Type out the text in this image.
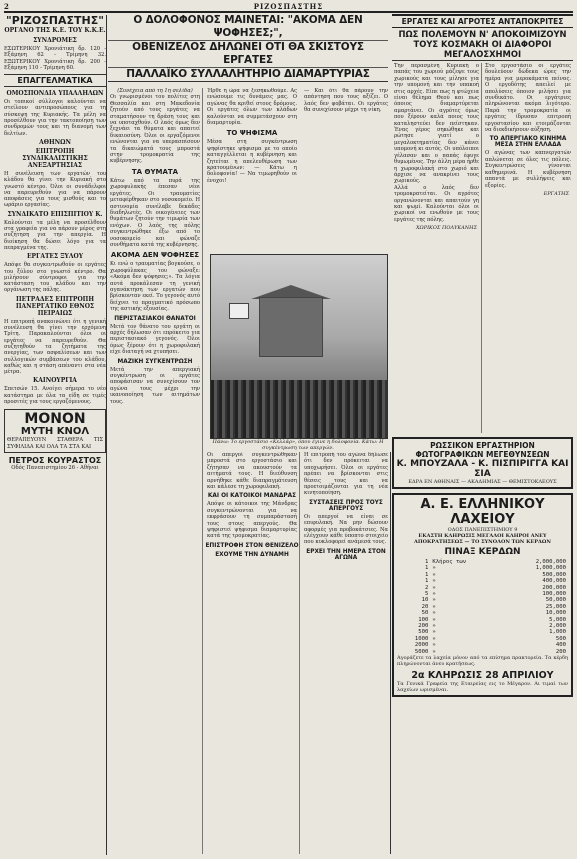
2	ΡΙΖΟΣΠΑΣΤΗΣ
"ΡΙΖΟΣΠΑΣΤΗΣ"
ΟΡΓΑΝΟ ΤΗΣ Κ.Ε. ΤΟΥ Κ.Κ.Ε.
ΣΥΝΔΡΟΜΕΣ
ΕΣΩΤΕΡΙΚΟΥ Χρονιάτικη δρ. 120 - Εξάμηνη 62 - Τρίμηνη 32. ΕΞΩΤΕΡΙΚΟΥ Χρονιάτικη δρ. 200 - Εξάμηνη 110 - Τρίμηνη 60.
ΕΠΑΓΓΕΛΜΑΤΙΚΑ
ΟΜΟΣΠΟΝΔΙΑ ΥΠΑΛΛΗΛΩΝ
Οι τοπικοί σύλλογοι καλούνται να στείλουν αντιπροσώπους για τη σύσκεψη της Κυριακής. Τα μέλη να προσέλθουν για την τακτοποίηση των συνδρομών τους και τη διανομή των δελτίων.
ΑΘΗΝΩΝ
ΕΠΙΤΡΟΠΗ ΣΥΝΔΙΚΑΛΙΣΤΙΚΗΣ ΑΝΕΞΑΡΤΗΣΙΑΣ
Η συνέλευση των εργατών του κλάδου θα γίνει την Κυριακή στο γνωστό κέντρο. Όλοι οι συνάδελφοι να παρευρεθούν για να πάρουν αποφάσεις για τους μισθούς και το ωράριο εργασίας.
ΣΥΝΔΙΚΑΤΟ ΕΠΙΣΠΙΤΙΟΥ Κ.
Καλούνται τα μέλη να προσέλθουν στα γραφεία για να πάρουν μέρος στη συζήτηση για την απεργία. Η διοίκηση θα δώσει λόγο για τα πεπραγμένα της.
ΕΡΓΑΤΕΣ ΞΥΛΟΥ
Απόψε θα συγκεντρωθούν οι εργάτες του ξύλου στο γνωστό κέντρο. Θα μιλήσουν σύντροφοι για την κατάσταση του κλάδου και την οργάνωση της πάλης.
ΠΕΤΡΑΔΕΣ ΕΠΙΤΡΟΠΗ ΠΑΝΕΡΓΑΤΙΚΟ ΕΘΝΟΣ ΠΕΙΡΑΙΩΣ
Η επιτροπή ανακοινώνει ότι η γενική συνέλευση θα γίνει την ερχόμενη Τρίτη. Παρακαλούνται όλοι οι εργάτες να παρευρεθούν. Θα συζητηθούν τα ζητήματα της ανεργίας, των ασφαλίσεων και των συλλογικών συμβάσεων του κλάδου, καθώς και η στάση απέναντι στα νέα μέτρα.
ΚΑΙΝΟΥΡΓΙΑ
Σπετσών 15. Ανοίγει σήμερα το νέο κατάστημα με όλα τα είδη σε τιμές προσιτές για τους εργαζόμενους.
ΜΟΝΟΝ
ΜΥΤΗ ΚΝΟΛ
ΘΕΡΑΠΕΥΟΥΝ ΣΤΑΘΕΡΑ ΤΙΣ ΣΥΦΙΛΙΔΑ ΚΑΙ ΟΛΑ ΤΑ ΣΤΑ ΚΑΙ
ΠΕΤΡΟΣ ΚΟΥΡΑΣΤΟΣ
Οδός Πανεπιστημίου 26 - Αθήναι
Ο ΔΟΛΟΦΟΝΟΣ ΜΑΙΝΕΤΑΙ: "ΑΚΟΜΑ ΔΕΝ ΨΟΦΗΣΕΣ;",
ΟΒΕΝΙΖΕΛΟΣ ΔΗΛΩΝΕΙ ΟΤΙ ΘΑ ΣΚΙΣΤΟΥΣ ΕΡΓΑΤΕΣ
ΠΑΛΛΑΪΚΟ ΣΥΛΛΑΛΗΤΗΡΙΟ ΔΙΑΜΑΡΤΥΡΙΑΣ
(Συνέχεια από τη 1η σελίδα)
Οι γνωρισμένοι του πολίτες στη Θεσσαλία και στη Μακεδονία ζητούν από τους εργάτες να σταματήσουν τη δράση τους και να υποταχθούν. Ο λαός όμως δεν ξεχνάει τα θύματα και απαιτεί δικαιοσύνη. Όλοι οι εργαζόμενοι ενώνονται για να υπερασπίσουν τα δικαιώματά τους μπροστά στην τρομοκρατία της κυβέρνησης.
ΤΑ ΘΥΜΑΤΑ
Κάτω από τα πυρά της χωροφυλακής έπεσαν νέοι εργάτες. Οι τραυματίες μεταφέρθηκαν στο νοσοκομείο. Η αστυνομία συνέλαβε δεκάδες διαδηλωτές. Οι οικογένειες των θυμάτων ζητούν την τιμωρία των ενόχων. Ο λαός της πόλης συγκεντρώθηκε έξω από το νοσοκομείο και φώναζε συνθήματα κατά της κυβέρνησης.
ΑΚΟΜΑ ΔΕΝ ΨΟΦΗΣΕΣ
Κι ενώ ο τραυματίας βογκούσε, ο χωροφύλακας του φώναξε: «Ακόμα δεν ψόφησες;». Τα λόγια αυτά προκάλεσαν τη γενική αγανάκτηση των εργατών που βρίσκονταν εκεί. Το γεγονός αυτό δείχνει το πραγματικό πρόσωπο της αστικής εξουσίας.
ΠΕΡΙΣΤΑΣΙΑΚΟΙ ΘΑΝΑΤΟΙ
Μετά τον θάνατο του εργάτη οι αρχές δήλωσαν ότι επρόκειτο για περιστασιακό γεγονός. Όλοι όμως ξέρουν ότι η χωροφυλακή είχε διαταγή να χτυπήσει.
ΜΑΖΙΚΗ ΣΥΓΚΕΝΤΡΩΣΗ
Μετά την απεργιακή συγκέντρωση οι εργάτες αποφάσισαν να συνεχίσουν τον αγώνα τους μέχρι την ικανοποίηση των αιτημάτων τους.
Ήρθε η ώρα να ξεσηκωθούμε. Ας ενώσουμε τις δυνάμεις μας. Ο αγώνας θα κριθεί στους δρόμους. Οι εργάτες όλων των κλάδων καλούνται να συμμετάσχουν στη διαμαρτυρία.
ΤΟ ΨΗΦΙΣΜΑ
Μέσα στη συγκέντρωση ψηφίστηκε ψήφισμα με το οποίο καταγγέλλεται η κυβέρνηση και ζητείται η απελευθέρωση των κρατουμένων: — Κάτω η δολοφονία! — Να τιμωρηθούν οι ένοχοι!
— Και ότι θα πάρουν την απάντηση που τους αξίζει. Ο λαός δεν φοβάται. Οι εργάτες θα συνεχίσουν μέχρι τη νίκη.
Πάνω: Το εργοστάσιο «Κελλάρ», όπου έγινε η δολοφονία. Κάτω: Η συγκέντρωση των απεργών.
Οι απεργοί συγκεντρώθηκαν μπροστά στο εργοστάσιο και ζήτησαν να ακουστούν τα αιτήματά τους. Η διεύθυνση αρνήθηκε κάθε διαπραγμάτευση και κάλεσε τη χωροφυλακή.
ΚΑΙ ΟΙ ΚΑΤΟΙΚΟΙ ΜΑΝΔΡΑΣ
Απόψε οι κάτοικοι της Μάνδρας συγκεντρώνονται για να εκφράσουν τη συμπαράστασή τους στους απεργούς. Θα ψηφιστεί ψήφισμα διαμαρτυρίας κατά της τρομοκρατίας.
ΕΠΙΣΤΡΟΦΗ ΣΤΟΝ ΘΕΝΙΖΕΛΟ
ΕΧΟΥΜΕ ΤΗΝ ΔΥΝΑΜΗ
Η επιτροπή του αγώνα δήλωσε ότι δεν πρόκειται να υποχωρήσει. Όλοι οι εργάτες πρέπει να βρίσκονται στις θέσεις τους και να προετοιμάζονται για τη νέα κινητοποίηση.
ΣΥΣΤΑΣΕΙΣ ΠΡΟΣ ΤΟΥΣ ΑΠΕΡΓΟΥΣ
Οι απεργοί να είναι σε επιφυλακή. Να μην δώσουν αφορμές για προβοκάτσιες. Να ελέγχουν κάθε ύποπτο στοιχείο που κυκλοφορεί ανάμεσά τους.
ΕΡΧΕΙ ΤΗΝ ΗΜΕΡΑ ΣΤΟΝ ΑΓΩΝΑ
ΕΡΓΑΤΕΣ ΚΑΙ ΑΓΡΟΤΕΣ ΑΝΤΑΠΟΚΡΙΤΕΣ
ΠΩΣ ΠΟΛΕΜΟΥΝ Ν' ΑΠΟΚΟΙΜΙΖΟΥΝ ΤΟΥΣ ΚΟΣΜΑΚΗ ΟΙ ΔΙΑΦΟΡΟΙ ΜΕΓΑΛΟΣΧΗΜΟΙ
Την περασμένη Κυριακή ο παπάς του χωριού μάζεψε τους χωρικούς και τους μίλησε για την υπομονή και την υπακοή στις αρχές. Είπε πως η φτώχεια είναι θέλημα Θεού και πως όποιος διαμαρτύρεται αμαρτάνει. Οι αγρότες όμως που ξέρουν καλά ποιος τους καταληστεύει δεν πείστηκαν. Ένας γέρος σηκώθηκε και ρώτησε γιατί ο μεγαλοκτηματίας δεν κάνει υπομονή κι αυτός. Οι υπόλοιποι γέλασαν και ο παπάς έφυγε θυμωμένος. Την άλλη μέρα ήρθε η χωροφυλακή στο χωριό και άρχισε να ανακρίνει τους χωρικούς.
Αλλά ο λαός δεν τρομοκρατείται. Οι αγρότες οργανώνονται και απαιτούν γη και ψωμί. Καλούνται όλοι οι χωρικοί να ενωθούν με τους εργάτες της πόλης.
ΧΩΡΙΚΟΣ ΠΟΛΥΚΑΝΗΣ
Στο εργοστάσιο οι εργάτες δουλεύουν δώδεκα ώρες την ημέρα για μεροκάματα πείνας. Ο εργοδότης απειλεί με απολύσεις όποιον μιλήσει για συνδικάτο. Οι εργάτριες πληρώνονται ακόμα λιγότερο. Παρά την τρομοκρατία οι εργάτες ίδρυσαν επιτροπή εργοστασίου και ετοιμάζονται να διεκδικήσουν αύξηση.
ΤΟ ΑΠΕΡΓΙΑΚΟ ΚΙΝΗΜΑ ΜΕΣΑ ΣΤΗΝ ΕΛΛΑΔΑ
Ο αγώνας των καπνεργατών απλώνεται σε όλες τις πόλεις. Συγκεντρώσεις γίνονται καθημερινά. Η κυβέρνηση απαντά με συλλήψεις και εξορίες.
ΕΡΓΑΤΗΣ
ΡΩΣΣΙΚΟΝ ΕΡΓΑΣΤΗΡΙΟΝ ΦΩΤΟΓΡΑΦΙΚΩΝ ΜΕΓΕΘΥΝΣΕΩΝ
Κ. ΜΠΟΥΖΑΛΑ - Κ. ΠΙΣΠΙΡΙΓΓΑ ΚΑΙ ΣΙΑ
ΕΔΡΑ ΕΝ ΑΘΗΝΑΙΣ — ΑΚΑΔΗΜΙΑΣ — ΘΕΜΙΣΤΟΚΛΕΟΥΣ
Α. Ε. ΕΛΛΗΝΙΚΟΥ ΛΑΧΕΙΟΥ
ΟΔΟΣ ΠΑΝΕΠΙΣΤΗΜΙΟΥ 9
ΕΚΑΣΤΗ ΚΛΗΡΩΣΙΣ ΜΕΓΑΛΟΙ ΚΛΗΡΟΙ ΑΝΕΥ ΑΠΟΚΡΑΤΗΣΕΩΣ — ΤΟ ΣΥΝΟΛΟΝ ΤΩΝ ΚΕΡΔΩΝ
ΠΙΝΑΞ ΚΕΡΔΩΝ
1	Κλήρος των	2,000,000
1	»	1,000,000
1	»	500,000
1	»	400,000
2	»	200,000
5	»	100,000
10	»	50,000
20	»	25,000
50	»	10,000
100	»	5,000
200	»	2,000
500	»	1,000
1000	»	500
2000	»	400
5000	»	200
Αγοράζετε τα λαχεία μόνον από τα επίσημα πρακτορεία. Τα κέρδη πληρώνονται άνευ κρατήσεως.
2α ΚΛΗΡΩΣΙΣ 28 ΑΠΡΙΛΙΟΥ
Τα Γενικά Γραφεία της Εταιρείας εις το Μέγαρον. Αι τιμαί των λαχείων ωρισμέναι.
